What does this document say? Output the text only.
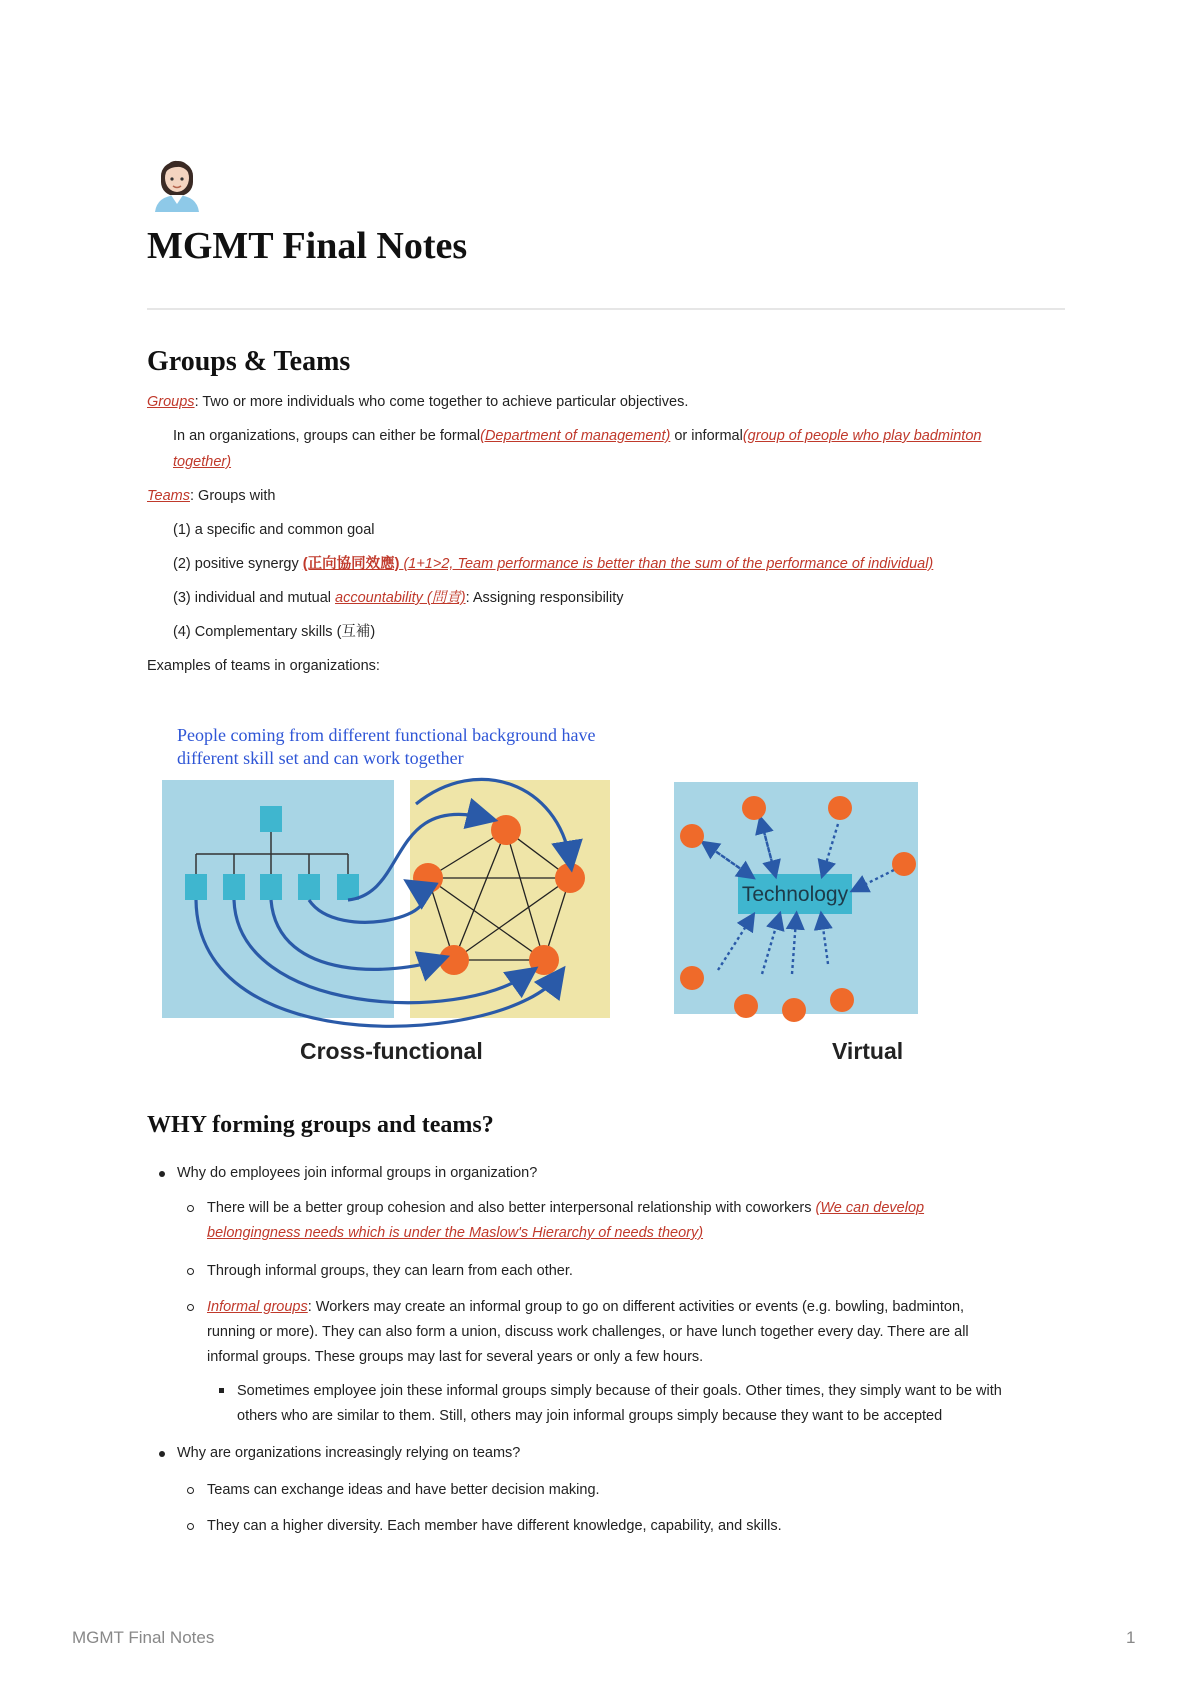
MGMT Final Notes
Groups & Teams
Groups: Two or more individuals who come together to achieve particular objectives.
In an organizations, groups can either be formal(Department of management) or informal(group of people who play badminton
together)
Teams: Groups with
(1) a specific and common goal
(2) positive synergy (正向協同效應) (1+1>2, Team performance is better than the sum of the performance of individual)
(3) individual and mutual accountability (問責): Assigning responsibility
(4) Complementary skills (互補)
Examples of teams in organizations:
People coming from different functional background have
different skill set and can work together
Technology
Cross-functional	Virtual
WHY forming groups and teams?
Why do employees join informal groups in organization?
There will be a better group cohesion and also better interpersonal relationship with coworkers (We can develop
belongingness needs which is under the Maslow's Hierarchy of needs theory)
Through informal groups, they can learn from each other.
Informal groups: Workers may create an informal group to go on different activities or events (e.g. bowling, badminton,
running or more). They can also form a union, discuss work challenges, or have lunch together every day. There are all
informal groups. These groups may last for several years or only a few hours.
Sometimes employee join these informal groups simply because of their goals. Other times, they simply want to be with
others who are similar to them. Still, others may join informal groups simply because they want to be accepted
Why are organizations increasingly relying on teams?
Teams can exchange ideas and have better decision making.
They can a higher diversity. Each member have different knowledge, capability, and skills.
MGMT Final Notes	1
